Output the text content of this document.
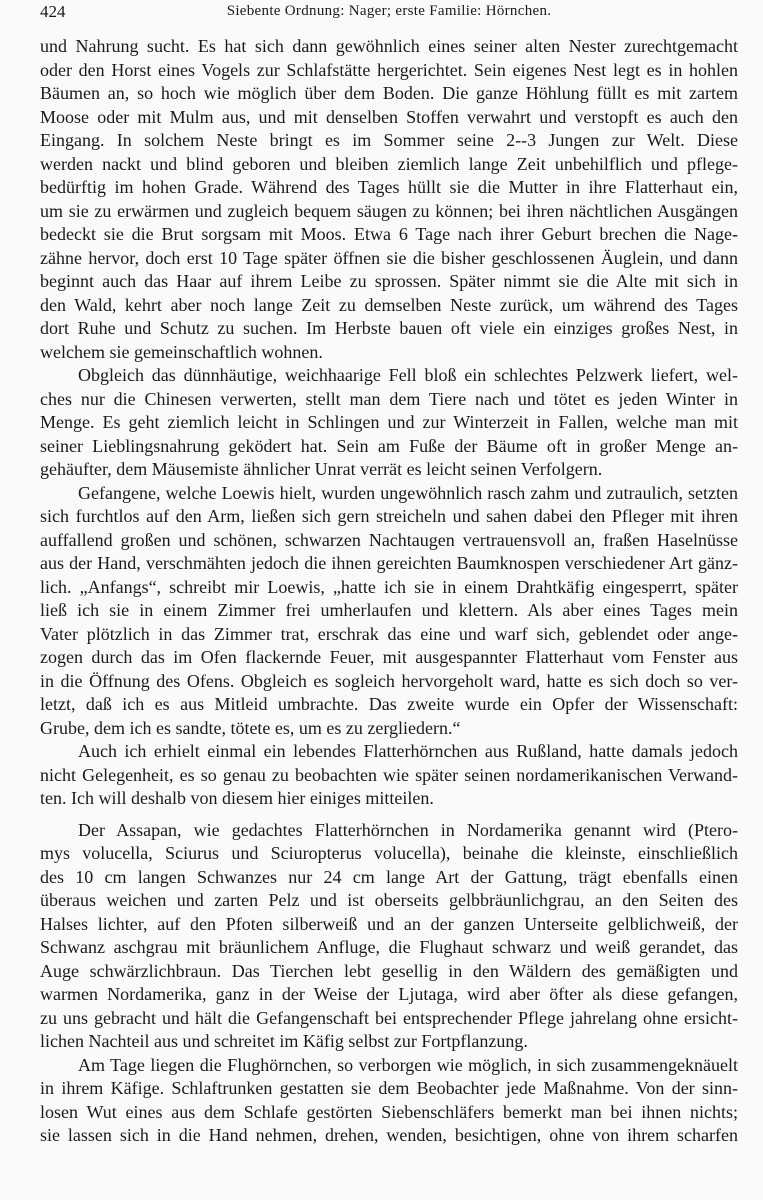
424	Siebente Ordnung: Nager; erste Familie: Hörnchen.
und Nahrung sucht. Es hat sich dann gewöhnlich eines seiner alten Nester zurechtgemacht
oder den Horst eines Vogels zur Schlafstätte hergerichtet. Sein eigenes Nest legt es in hohlen
Bäumen an, so hoch wie möglich über dem Boden. Die ganze Höhlung füllt es mit zartem
Moose oder mit Mulm aus, und mit denselben Stoffen verwahrt und verstopft es auch den
Eingang. In solchem Neste bringt es im Sommer seine 2--3 Jungen zur Welt. Diese
werden nackt und blind geboren und bleiben ziemlich lange Zeit unbehilflich und pflege-
bedürftig im hohen Grade. Während des Tages hüllt sie die Mutter in ihre Flatterhaut ein,
um sie zu erwärmen und zugleich bequem säugen zu können; bei ihren nächtlichen Ausgängen
bedeckt sie die Brut sorgsam mit Moos. Etwa 6 Tage nach ihrer Geburt brechen die Nage-
zähne hervor, doch erst 10 Tage später öffnen sie die bisher geschlossenen Äuglein, und dann
beginnt auch das Haar auf ihrem Leibe zu sprossen. Später nimmt sie die Alte mit sich in
den Wald, kehrt aber noch lange Zeit zu demselben Neste zurück, um während des Tages
dort Ruhe und Schutz zu suchen. Im Herbste bauen oft viele ein einziges großes Nest, in
welchem sie gemeinschaftlich wohnen.
Obgleich das dünnhäutige, weichhaarige Fell bloß ein schlechtes Pelzwerk liefert, wel-
ches nur die Chinesen verwerten, stellt man dem Tiere nach und tötet es jeden Winter in
Menge. Es geht ziemlich leicht in Schlingen und zur Winterzeit in Fallen, welche man mit
seiner Lieblingsnahrung geködert hat. Sein am Fuße der Bäume oft in großer Menge an-
gehäufter, dem Mäusemiste ähnlicher Unrat verrät es leicht seinen Verfolgern.
Gefangene, welche Loewis hielt, wurden ungewöhnlich rasch zahm und zutraulich, setzten
sich furchtlos auf den Arm, ließen sich gern streicheln und sahen dabei den Pfleger mit ihren
auffallend großen und schönen, schwarzen Nachtaugen vertrauensvoll an, fraßen Haselnüsse
aus der Hand, verschmähten jedoch die ihnen gereichten Baumknospen verschiedener Art gänz-
lich. „Anfangs“, schreibt mir Loewis, „hatte ich sie in einem Drahtkäfig eingesperrt, später
ließ ich sie in einem Zimmer frei umherlaufen und klettern. Als aber eines Tages mein
Vater plötzlich in das Zimmer trat, erschrak das eine und warf sich, geblendet oder ange-
zogen durch das im Ofen flackernde Feuer, mit ausgespannter Flatterhaut vom Fenster aus
in die Öffnung des Ofens. Obgleich es sogleich hervorgeholt ward, hatte es sich doch so ver-
letzt, daß ich es aus Mitleid umbrachte. Das zweite wurde ein Opfer der Wissenschaft:
Grube, dem ich es sandte, tötete es, um es zu zergliedern.“
Auch ich erhielt einmal ein lebendes Flatterhörnchen aus Rußland, hatte damals jedoch
nicht Gelegenheit, es so genau zu beobachten wie später seinen nordamerikanischen Verwand-
ten. Ich will deshalb von diesem hier einiges mitteilen.
Der Assapan, wie gedachtes Flatterhörnchen in Nordamerika genannt wird (Ptero-
mys volucella, Sciurus und Sciuropterus volucella), beinahe die kleinste, einschließlich
des 10 cm langen Schwanzes nur 24 cm lange Art der Gattung, trägt ebenfalls einen
überaus weichen und zarten Pelz und ist oberseits gelbbräunlichgrau, an den Seiten des
Halses lichter, auf den Pfoten silberweiß und an der ganzen Unterseite gelblichweiß, der
Schwanz aschgrau mit bräunlichem Anfluge, die Flughaut schwarz und weiß gerandet, das
Auge schwärzlichbraun. Das Tierchen lebt gesellig in den Wäldern des gemäßigten und
warmen Nordamerika, ganz in der Weise der Ljutaga, wird aber öfter als diese gefangen,
zu uns gebracht und hält die Gefangenschaft bei entsprechender Pflege jahrelang ohne ersicht-
lichen Nachteil aus und schreitet im Käfig selbst zur Fortpflanzung.
Am Tage liegen die Flughörnchen, so verborgen wie möglich, in sich zusammengeknäuelt
in ihrem Käfige. Schlaftrunken gestatten sie dem Beobachter jede Maßnahme. Von der sinn-
losen Wut eines aus dem Schlafe gestörten Siebenschläfers bemerkt man bei ihnen nichts;
sie lassen sich in die Hand nehmen, drehen, wenden, besichtigen, ohne von ihrem scharfen
